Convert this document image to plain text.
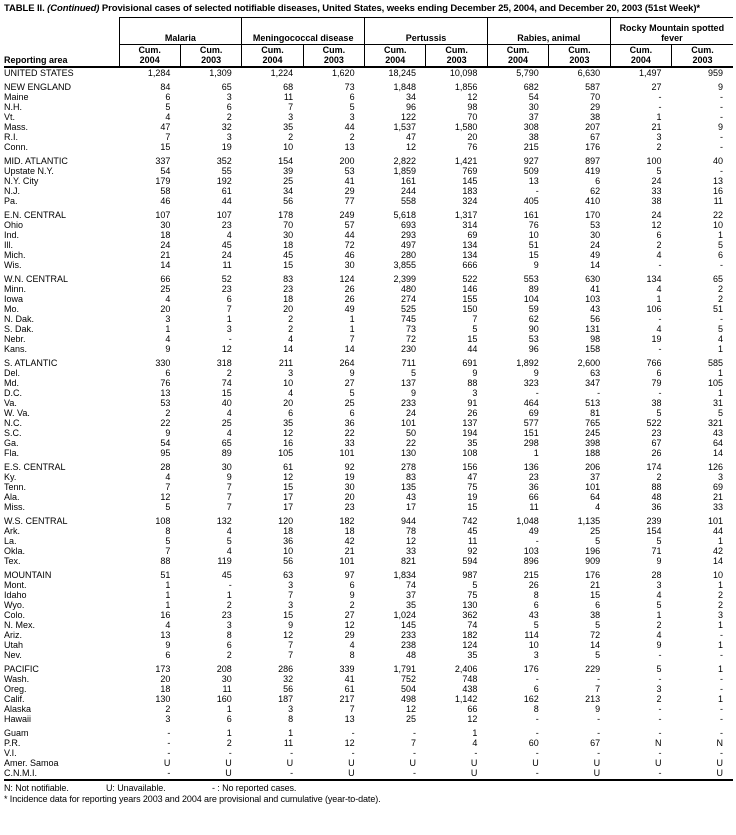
TABLE II. (Continued) Provisional cases of selected notifiable diseases, United States, weeks ending December 25, 2004, and December 20, 2003 (51st Week)*

Reporting area	Malaria		Meningococcal disease		Pertussis		Rabies, animal		Rocky Mountain spotted fever	

Cum.
2004

Cum.
2003

Cum.
2004

Cum.
2003

Cum.
2004

Cum.
2003

Cum.
2004

Cum.
2003

Cum.
2004

Cum.
2003

UNITED STATES	1,284	1,309	1,224	1,620	18,245	10,098	5,790	6,630	1,497	959

NEW ENGLAND	84	65	68	73	1,848	1,856	682	587	27	9
Maine	6	3	11	6	34	12	54	70	-	-
N.H.	5	6	7	5	96	98	30	29	-	-
Vt.	4	2	3	3	122	70	37	38	1	-
Mass.	47	32	35	44	1,537	1,580	308	207	21	9
R.I.	7	3	2	2	47	20	38	67	3	-
Conn.	15	19	10	13	12	76	215	176	2	-

MID. ATLANTIC	337	352	154	200	2,822	1,421	927	897	100	40
Upstate N.Y.	54	55	39	53	1,859	769	509	419	5	-
N.Y. City	179	192	25	41	161	145	13	6	24	13
N.J.	58	61	34	29	244	183	-	62	33	16
Pa.	46	44	56	77	558	324	405	410	38	11

E.N. CENTRAL	107	107	178	249	5,618	1,317	161	170	24	22
Ohio	30	23	70	57	693	314	76	53	12	10
Ind.	18	4	30	44	293	69	10	30	6	1
Ill.	24	45	18	72	497	134	51	24	2	5
Mich.	21	24	45	46	280	134	15	49	4	6
Wis.	14	11	15	30	3,855	666	9	14	-	-

W.N. CENTRAL	66	52	83	124	2,399	522	553	630	134	65
Minn.	25	23	23	26	480	146	89	41	4	2
Iowa	4	6	18	26	274	155	104	103	1	2
Mo.	20	7	20	49	525	150	59	43	106	51
N. Dak.	3	1	2	1	745	7	62	56	-	-
S. Dak.	1	3	2	1	73	5	90	131	4	5
Nebr.	4	-	4	7	72	15	53	98	19	4
Kans.	9	12	14	14	230	44	96	158	-	1

S. ATLANTIC	330	318	211	264	711	691	1,892	2,600	766	585
Del.	6	2	3	9	5	9	9	63	6	1
Md.	76	74	10	27	137	88	323	347	79	105
D.C.	13	15	4	5	9	3	-	-	-	1
Va.	53	40	20	25	233	91	464	513	38	31
W. Va.	2	4	6	6	24	26	69	81	5	5
N.C.	22	25	35	36	101	137	577	765	522	321
S.C.	9	4	12	22	50	194	151	245	23	43
Ga.	54	65	16	33	22	35	298	398	67	64
Fla.	95	89	105	101	130	108	1	188	26	14

E.S. CENTRAL	28	30	61	92	278	156	136	206	174	126
Ky.	4	9	12	19	83	47	23	37	2	3
Tenn.	7	7	15	30	135	75	36	101	88	69
Ala.	12	7	17	20	43	19	66	64	48	21
Miss.	5	7	17	23	17	15	11	4	36	33

W.S. CENTRAL	108	132	120	182	944	742	1,048	1,135	239	101
Ark.	8	4	18	18	78	45	49	25	154	44
La.	5	5	36	42	12	11	-	5	5	1
Okla.	7	4	10	21	33	92	103	196	71	42
Tex.	88	119	56	101	821	594	896	909	9	14

MOUNTAIN	51	45	63	97	1,834	987	215	176	28	10
Mont.	1	-	3	6	74	5	26	21	3	1
Idaho	1	1	7	9	37	75	8	15	4	2
Wyo.	1	2	3	2	35	130	6	6	5	2
Colo.	16	23	15	27	1,024	362	43	38	1	3
N. Mex.	4	3	9	12	145	74	5	5	2	1
Ariz.	13	8	12	29	233	182	114	72	4	-
Utah	9	6	7	4	238	124	10	14	9	1
Nev.	6	2	7	8	48	35	3	5	-	-

PACIFIC	173	208	286	339	1,791	2,406	176	229	5	1
Wash.	20	30	32	41	752	748	-	-	-	-
Oreg.	18	11	56	61	504	438	6	7	3	-
Calif.	130	160	187	217	498	1,142	162	213	2	1
Alaska	2	1	3	7	12	66	8	9	-	-
Hawaii	3	6	8	13	25	12	-	-	-	-

Guam	-	1	1	-	-	1	-	-	-	-
P.R.	-	2	11	12	7	4	60	67	N	N
V.I.	-	-	-	-	-	-	-	-	-	-
Amer. Samoa	U	U	U	U	U	U	U	U	U	U
C.N.M.I.	-	U	-	U	-	U	-	U	-	U
N: Not notifiable.	U: Unavailable.	- : No reported cases.
* Incidence data for reporting years 2003 and 2004 are provisional and cumulative (year-to-date).
